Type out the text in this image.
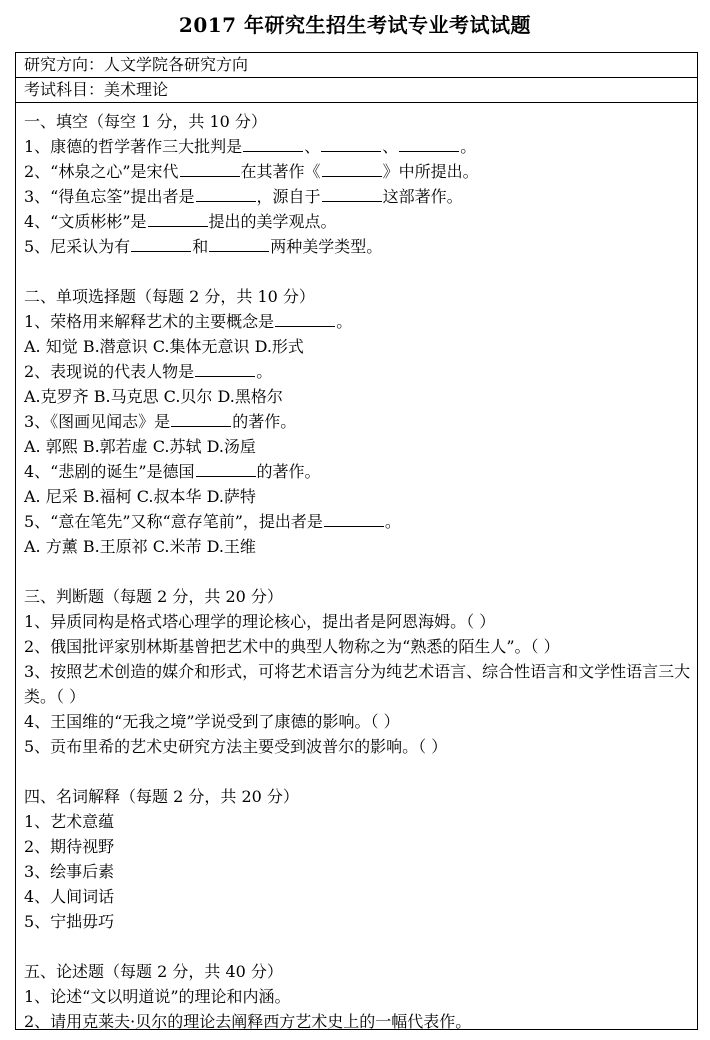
2017 年研究生招生考试专业考试试题
研究方向：人文学院各研究方向
考试科目：美术理论
一、填空（每空 1 分，共 10 分）
1、康德的哲学著作三大批判是	、	、	。
2、“林泉之心”是宋代	在其著作《	》中所提出。
3、“得鱼忘筌”提出者是	，源自于	这部著作。
4、“文质彬彬”是	提出的美学观点。
5、尼采认为有	和	两种美学类型。
二、单项选择题（每题 2 分，共 10 分）
1、荣格用来解释艺术的主要概念是	。
A. 知觉 B.潜意识 C.集体无意识 D.形式
2、表现说的代表人物是	。
A.克罗齐 B.马克思 C.贝尔 D.黑格尔
3、《图画见闻志》是	的著作。
A. 郭熙 B.郭若虚 C.苏轼 D.汤垕
4、“悲剧的诞生”是德国	的著作。
A. 尼采 B.福柯 C.叔本华 D.萨特
5、“意在笔先”又称“意存笔前”，提出者是	。
A. 方薰 B.王原祁 C.米芾 D.王维
三、判断题（每题 2 分，共 20 分）
1、异质同构是格式塔心理学的理论核心，提出者是阿恩海姆。（ ）
2、俄国批评家别林斯基曾把艺术中的典型人物称之为“熟悉的陌生人”。（ ）
3、按照艺术创造的媒介和形式，可将艺术语言分为纯艺术语言、综合性语言和文学性语言三大类。（ ）
4、王国维的“无我之境”学说受到了康德的影响。（ ）
5、贡布里希的艺术史研究方法主要受到波普尔的影响。（ ）
四、名词解释（每题 2 分，共 20 分）
1、艺术意蕴
2、期待视野
3、绘事后素
4、人间词话
5、宁拙毋巧
五、论述题（每题 2 分，共 40 分）
1、论述“文以明道说”的理论和内涵。
2、请用克莱夫·贝尔的理论去阐释西方艺术史上的一幅代表作。
